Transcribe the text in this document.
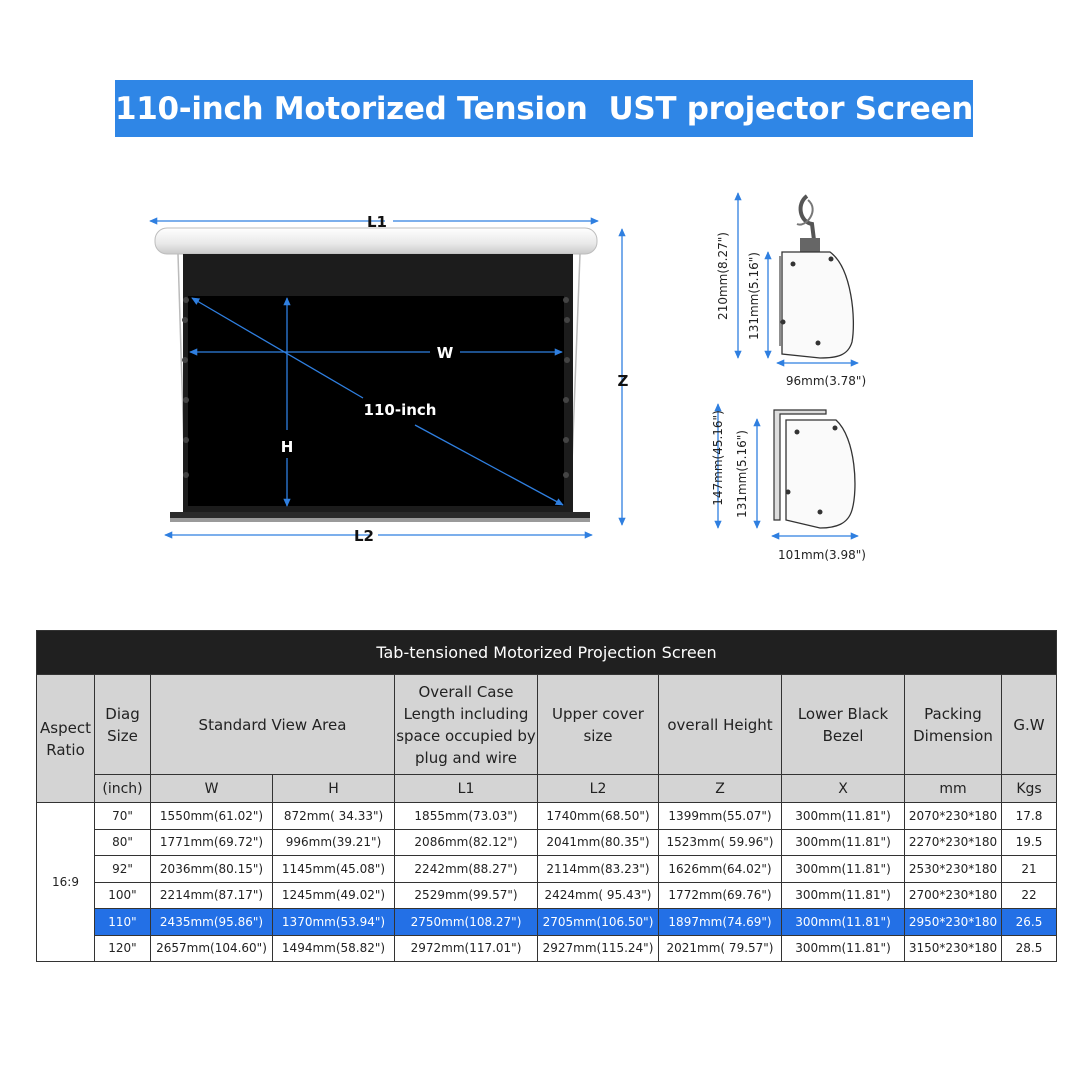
110-inch Motorized Tension  UST projector Screen
L1
L2
Z
W
H
110-inch
210mm(8.27") 131mm(5.16")
96mm(3.78")
147mm(45.16") 131mm(5.16")
101mm(3.98")
Tab-tensioned Motorized Projection Screen									
Aspect Ratio	Diag Size	Standard View Area		Overall Case Length including space occupied by plug and wire	Upper cover size	overall Height	Lower Black Bezel	Packing Dimension	G.W
	(inch)	W	H	L1	L2	Z	X	mm	Kgs
16:9	70"	1550mm(61.02")	872mm( 34.33")	1855mm(73.03")	1740mm(68.50")	1399mm(55.07")	300mm(11.81")	2070*230*180	17.8
	80"	1771mm(69.72")	996mm(39.21")	2086mm(82.12")	2041mm(80.35")	1523mm( 59.96")	300mm(11.81")	2270*230*180	19.5
	92"	2036mm(80.15")	1145mm(45.08")	2242mm(88.27")	2114mm(83.23")	1626mm(64.02")	300mm(11.81")	2530*230*180	21
	100"	2214mm(87.17")	1245mm(49.02")	2529mm(99.57")	2424mm( 95.43")	1772mm(69.76")	300mm(11.81")	2700*230*180	22
	110"	2435mm(95.86")	1370mm(53.94")	2750mm(108.27")	2705mm(106.50")	1897mm(74.69")	300mm(11.81")	2950*230*180	26.5
	120"	2657mm(104.60")	1494mm(58.82")	2972mm(117.01")	2927mm(115.24")	2021mm( 79.57")	300mm(11.81")	3150*230*180	28.5
